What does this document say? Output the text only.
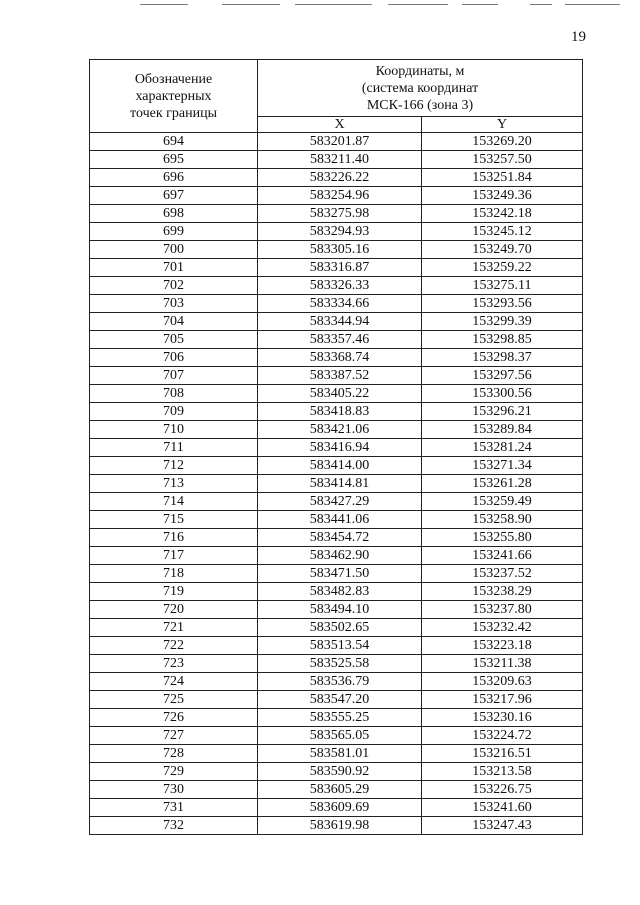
19
Обозначение
характерных
точек границы	Координаты, м
(система координат
МСК-166 (зона 3)	

	X	Y
694	583201.87	153269.20
695	583211.40	153257.50
696	583226.22	153251.84
697	583254.96	153249.36
698	583275.98	153242.18
699	583294.93	153245.12
700	583305.16	153249.70
701	583316.87	153259.22
702	583326.33	153275.11
703	583334.66	153293.56
704	583344.94	153299.39
705	583357.46	153298.85
706	583368.74	153298.37
707	583387.52	153297.56
708	583405.22	153300.56
709	583418.83	153296.21
710	583421.06	153289.84
711	583416.94	153281.24
712	583414.00	153271.34
713	583414.81	153261.28
714	583427.29	153259.49
715	583441.06	153258.90
716	583454.72	153255.80
717	583462.90	153241.66
718	583471.50	153237.52
719	583482.83	153238.29
720	583494.10	153237.80
721	583502.65	153232.42
722	583513.54	153223.18
723	583525.58	153211.38
724	583536.79	153209.63
725	583547.20	153217.96
726	583555.25	153230.16
727	583565.05	153224.72
728	583581.01	153216.51
729	583590.92	153213.58
730	583605.29	153226.75
731	583609.69	153241.60
732	583619.98	153247.43
